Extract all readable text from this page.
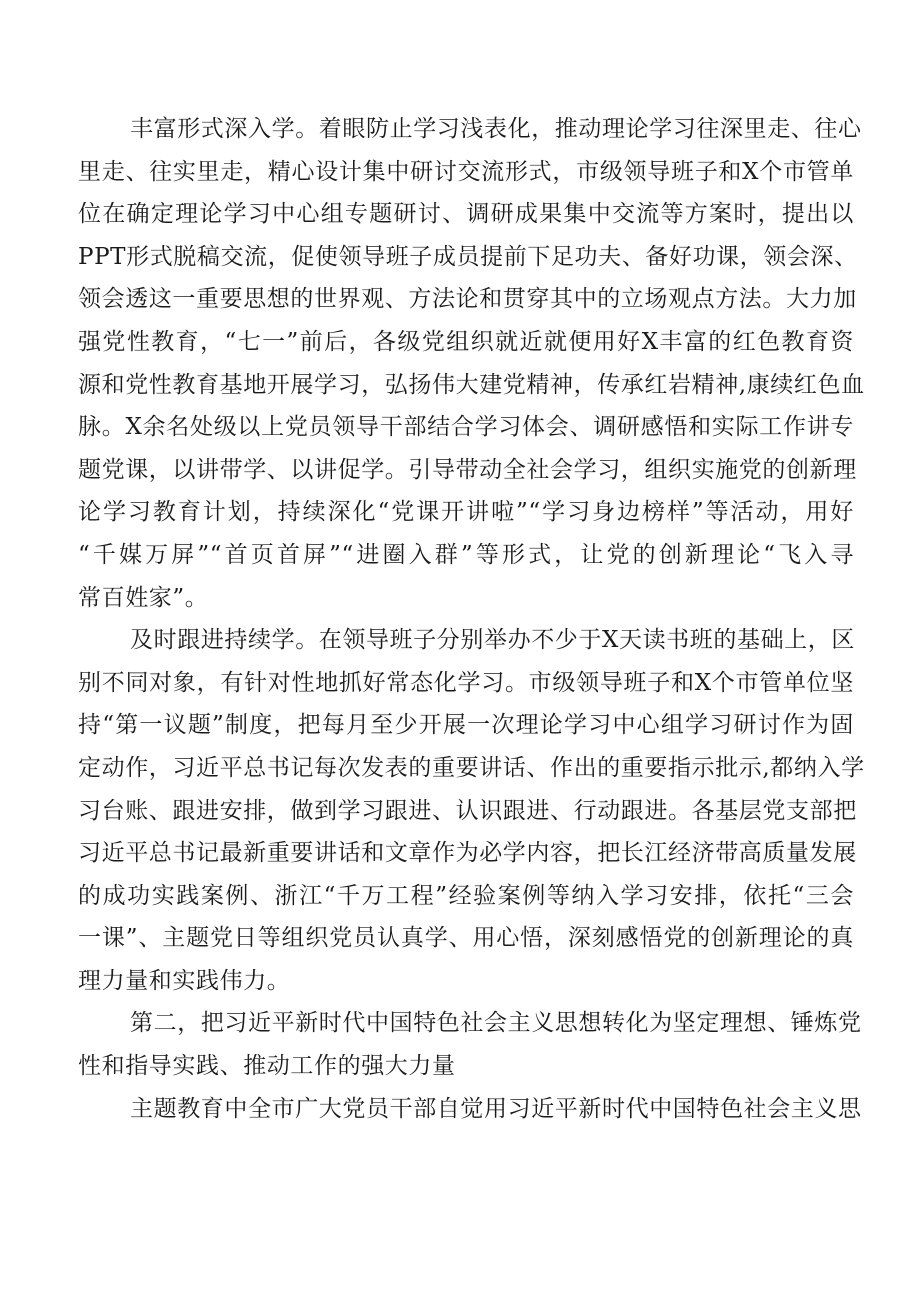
丰富形式深入学。着眼防止学习浅表化，推动理论学习往深里走、往心
里走、往实里走，精心设计集中研讨交流形式，市级领导班子和X个市管单
位在确定理论学习中心组专题研讨、调研成果集中交流等方案时，提出以
PPT形式脱稿交流，促使领导班子成员提前下足功夫、备好功课，领会深、
领会透这一重要思想的世界观、方法论和贯穿其中的立场观点方法。大力加
强党性教育，“七一”前后，各级党组织就近就便用好X丰富的红色教育资
源和党性教育基地开展学习，弘扬伟大建党精神，传承红岩精神,康续红色血
脉。X余名处级以上党员领导干部结合学习体会、调研感悟和实际工作讲专
题党课，以讲带学、以讲促学。引导带动全社会学习，组织实施党的创新理
论学习教育计划，持续深化“党课开讲啦”“学习身边榜样”等活动，用好
“千媒万屏”“首页首屏”“进圈入群”等形式，让党的创新理论“飞入寻
常百姓家”。
及时跟进持续学。在领导班子分别举办不少于X天读书班的基础上，区
别不同对象，有针对性地抓好常态化学习。市级领导班子和X个市管单位坚
持“第一议题”制度，把每月至少开展一次理论学习中心组学习研讨作为固
定动作，习近平总书记每次发表的重要讲话、作出的重要指示批示,都纳入学
习台账、跟进安排，做到学习跟进、认识跟进、行动跟进。各基层党支部把
习近平总书记最新重要讲话和文章作为必学内容，把长江经济带高质量发展
的成功实践案例、浙江“千万工程”经验案例等纳入学习安排，依托“三会
一课”、主题党日等组织党员认真学、用心悟，深刻感悟党的创新理论的真
理力量和实践伟力。
第二，把习近平新时代中国特色社会主义思想转化为坚定理想、锤炼党
性和指导实践、推动工作的强大力量
主题教育中全市广大党员干部自觉用习近平新时代中国特色社会主义思
